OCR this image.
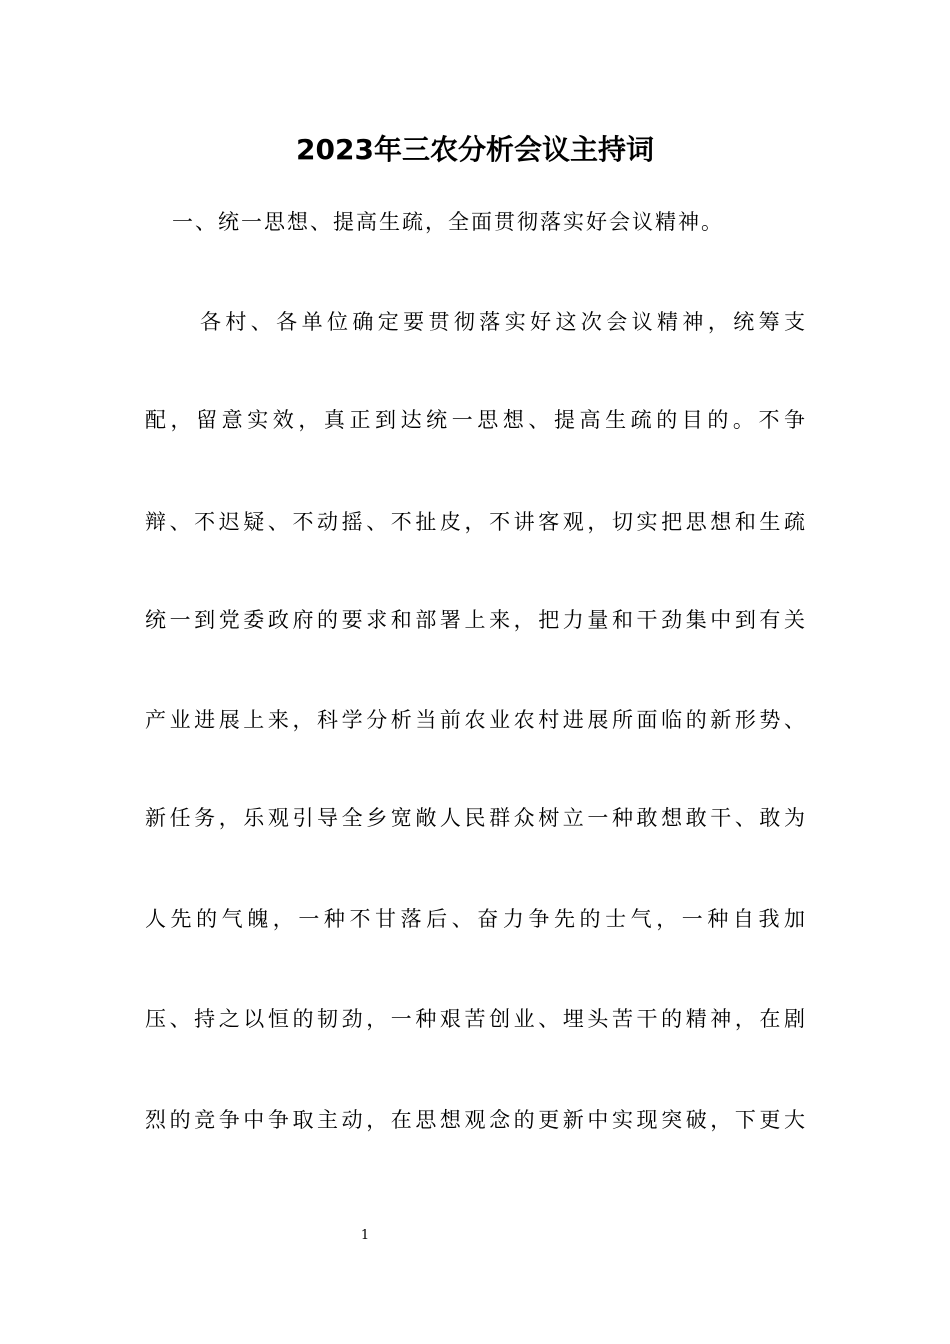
2023年三农分析会议主持词
一、统一思想、提高生疏，全面贯彻落实好会议精神。
各村、各单位确定要贯彻落实好这次会议精神，统筹支
配，留意实效，真正到达统一思想、提高生疏的目的。不争
辩、不迟疑、不动摇、不扯皮，不讲客观，切实把思想和生疏
统一到党委政府的要求和部署上来，把力量和干劲集中到有关
产业进展上来，科学分析当前农业农村进展所面临的新形势、
新任务，乐观引导全乡宽敞人民群众树立一种敢想敢干、敢为
人先的气魄，一种不甘落后、奋力争先的士气，一种自我加
压、持之以恒的韧劲，一种艰苦创业、埋头苦干的精神，在剧
烈的竞争中争取主动，在思想观念的更新中实现突破，下更大
1
